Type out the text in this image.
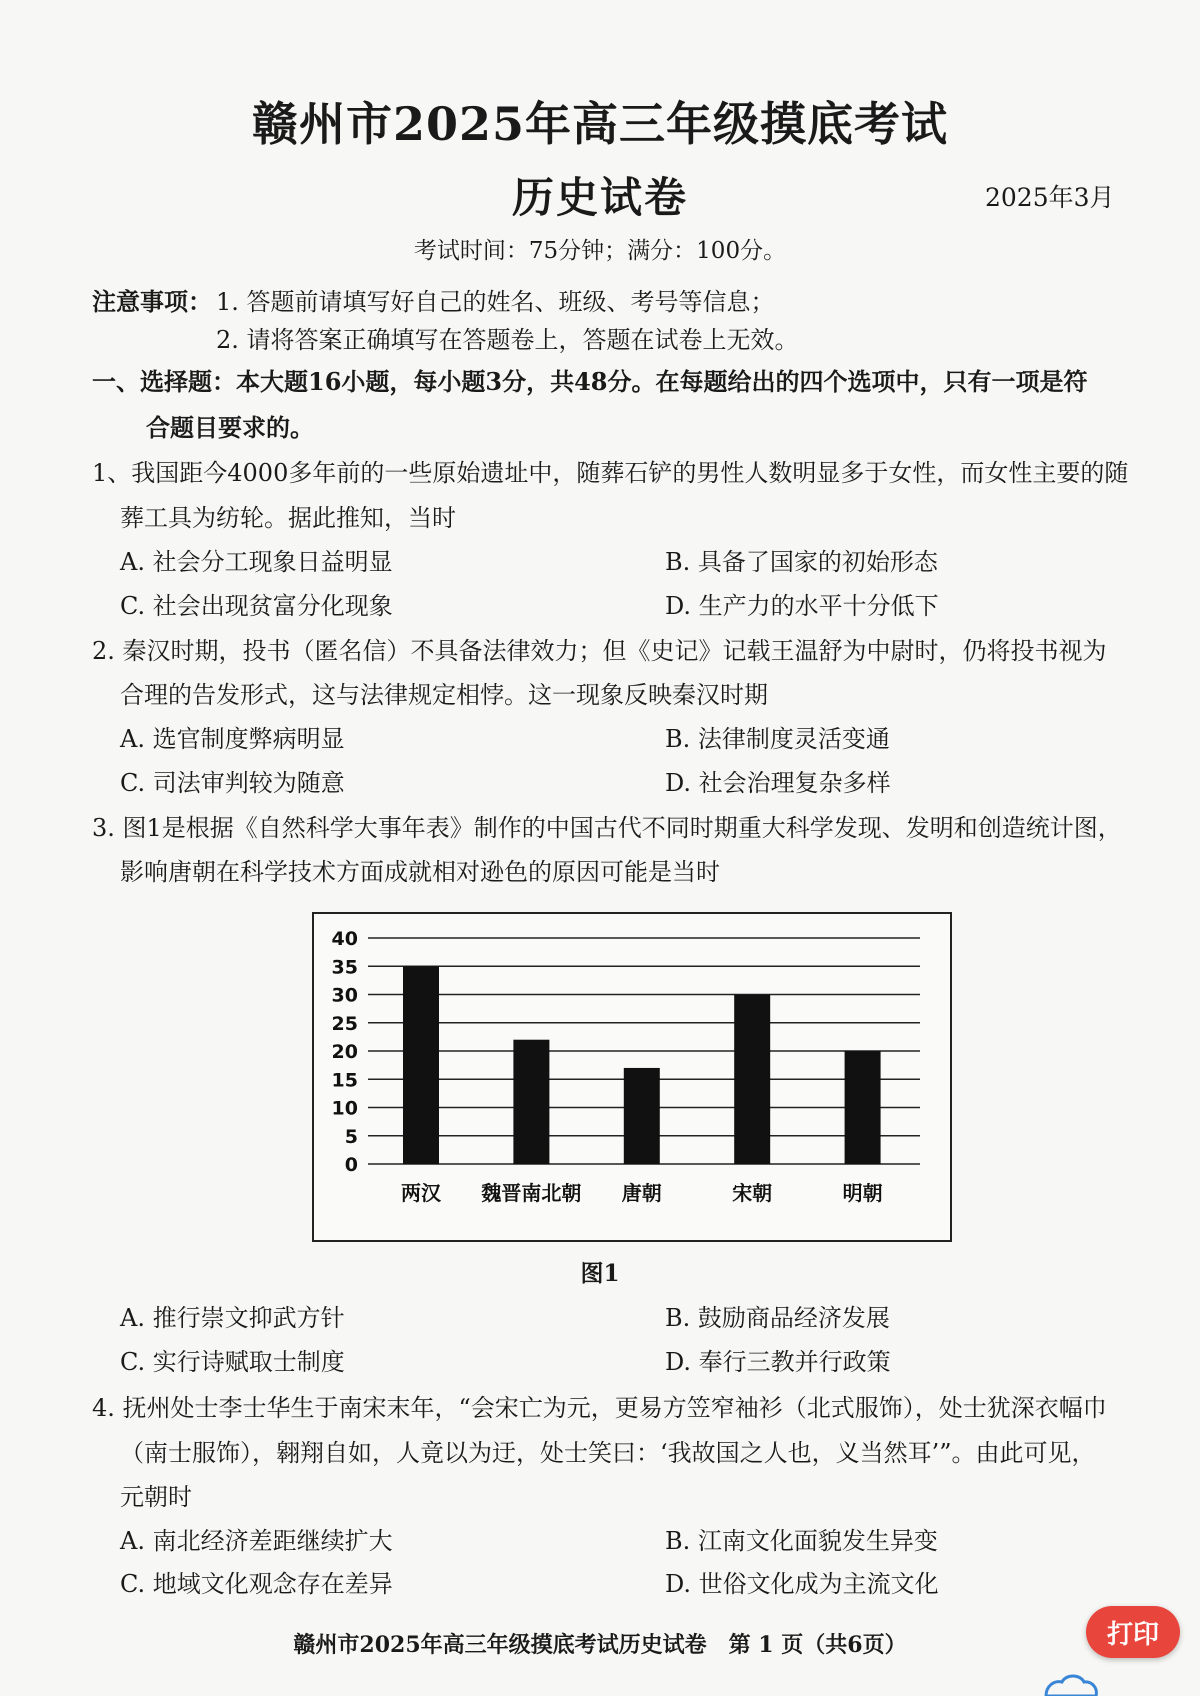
赣州市2025年高三年级摸底考试
历史试卷	2025年3月
考试时间：75分钟；满分：100分。
注意事项： 1. 答题前请填写好自己的姓名、班级、考号等信息；
2. 请将答案正确填写在答题卷上，答题在试卷上无效。
一、选择题：本大题16小题，每小题3分，共48分。在每题给出的四个选项中，只有一项是符
合题目要求的。
1、我国距今4000多年前的一些原始遗址中，随葬石铲的男性人数明显多于女性，而女性主要的随
葬工具为纺轮。据此推知，当时
A. 社会分工现象日益明显	B. 具备了国家的初始形态
C. 社会出现贫富分化现象	D. 生产力的水平十分低下
2. 秦汉时期，投书（匿名信）不具备法律效力；但《史记》记载王温舒为中尉时，仍将投书视为
合理的告发形式，这与法律规定相悖。这一现象反映秦汉时期
A. 选官制度弊病明显	B. 法律制度灵活变通
C. 司法审判较为随意	D. 社会治理复杂多样
3. 图1是根据《自然科学大事年表》制作的中国古代不同时期重大科学发现、发明和创造统计图，
影响唐朝在科学技术方面成就相对逊色的原因可能是当时
0
5
10
15
20
25
30
35
40
两汉 魏晋南北朝 唐朝	宋朝	明朝
图1
A. 推行崇文抑武方针	B. 鼓励商品经济发展
C. 实行诗赋取士制度	D. 奉行三教并行政策
4. 抚州处士李士华生于南宋末年，“会宋亡为元，更易方笠窄袖衫（北式服饰），处士犹深衣幅巾
（南士服饰），翱翔自如，人竟以为迂，处士笑曰：‘我故国之人也，义当然耳’”。由此可见，
元朝时
A. 南北经济差距继续扩大	B. 江南文化面貌发生异变
C. 地域文化观念存在差异	D. 世俗文化成为主流文化
赣州市2025年高三年级摸底考试历史试卷　第 1 页（共6页）	打印
